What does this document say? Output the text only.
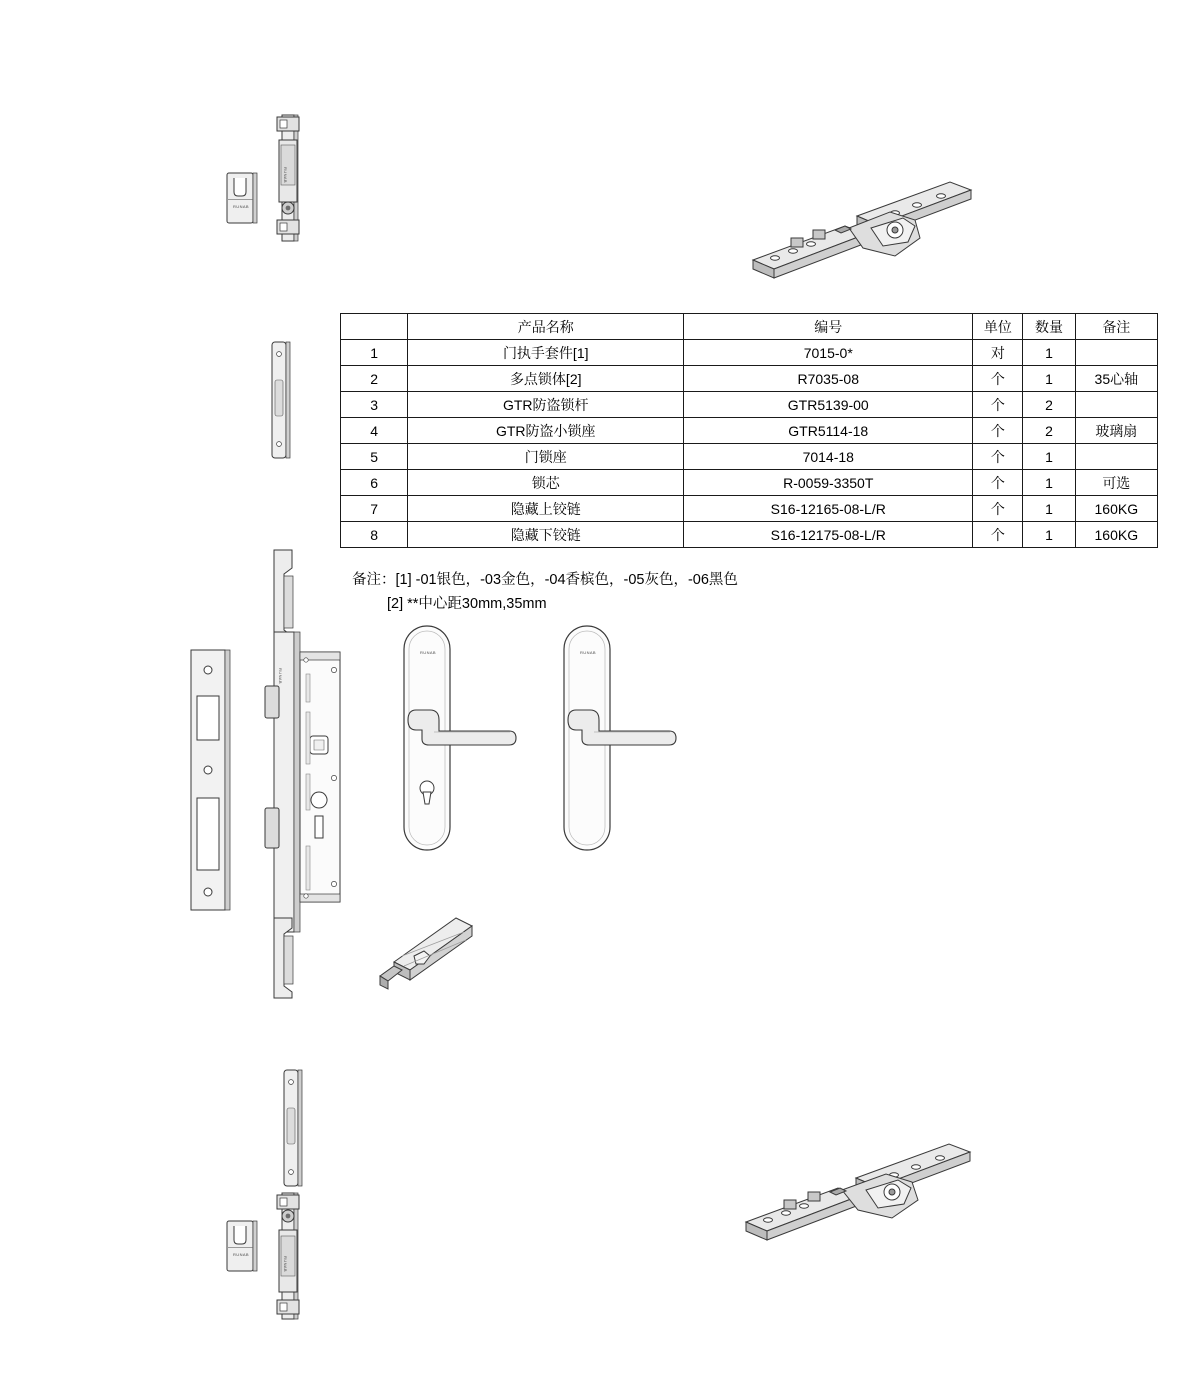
RUNAB
RUNAB
RUNAB
RUNAB	RUNAB
RUNAB
RUNAB
	产品名称	编号	单位	数量	备注
1	门执手套件[1]	7015-0*	对	1	
2	多点锁体[2]	R7035-08	个	1	35心轴
3	GTR防盗锁杆	GTR5139-00	个	2	
4	GTR防盗小锁座	GTR5114-18	个	2	玻璃扇
5	门锁座	7014-18	个	1	
6	锁芯	R-0059-3350T	个	1	可选
7	隐藏上铰链	S16-12165-08-L/R	个	1	160KG
8	隐藏下铰链	S16-12175-08-L/R	个	1	160KG
备注：[1] -01银色，-03金色，-04香槟色，-05灰色，-06黑色
[2] **中心距30mm,35mm
